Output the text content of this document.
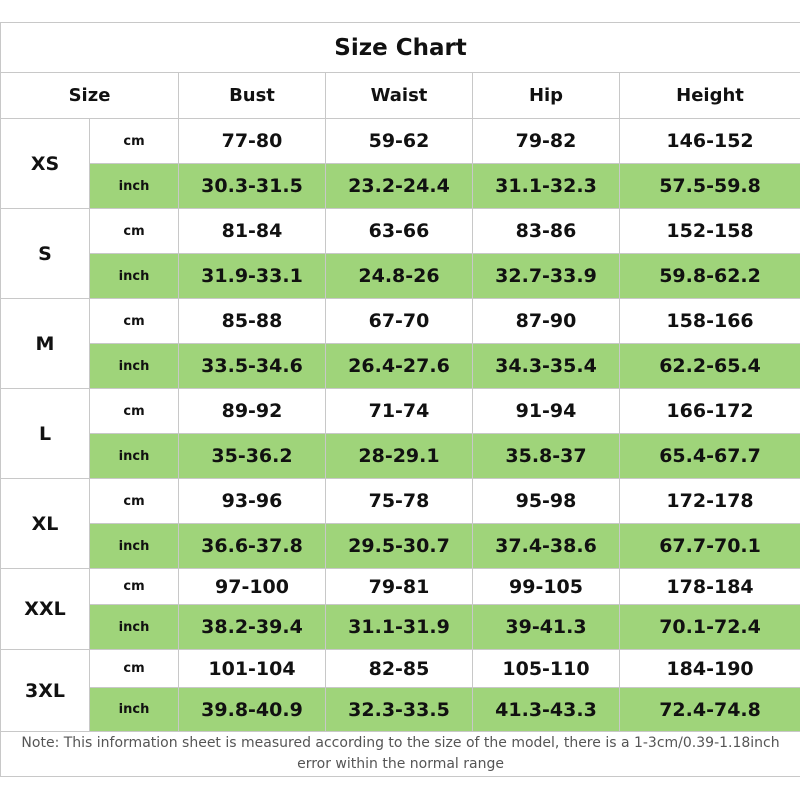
Size Chart					
Size		Bust	Waist	Hip	Height
XS	cm	77-80	59-62	79-82	146-152
	inch	30.3-31.5	23.2-24.4	31.1-32.3	57.5-59.8
S	cm	81-84	63-66	83-86	152-158
	inch	31.9-33.1	24.8-26	32.7-33.9	59.8-62.2
M	cm	85-88	67-70	87-90	158-166
	inch	33.5-34.6	26.4-27.6	34.3-35.4	62.2-65.4
L	cm	89-92	71-74	91-94	166-172
	inch	35-36.2	28-29.1	35.8-37	65.4-67.7
XL	cm	93-96	75-78	95-98	172-178
	inch	36.6-37.8	29.5-30.7	37.4-38.6	67.7-70.1
XXL	cm	97-100	79-81	99-105	178-184
	inch	38.2-39.4	31.1-31.9	39-41.3	70.1-72.4
3XL	cm	101-104	82-85	105-110	184-190
	inch	39.8-40.9	32.3-33.5	41.3-43.3	72.4-74.8
Note: This information sheet is measured according to the size of the model, there is a 1-3cm/0.39-1.18inch error within the normal range					
